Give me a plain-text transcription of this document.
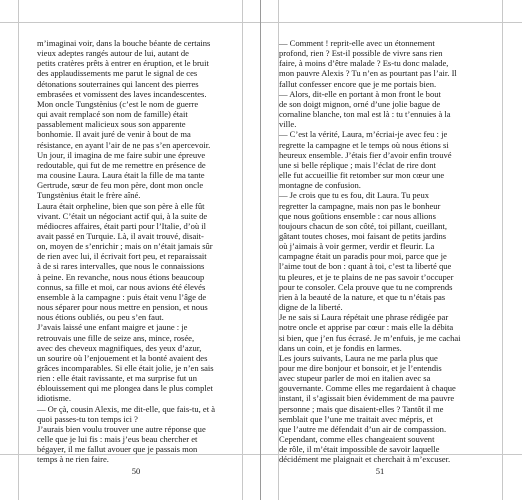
m’imaginai voir, dans la bouche béante de certains

vieux adeptes rangés autour de lui, autant de

petits cratères prêts à entrer en éruption, et le bruit

des applaudissements me parut le signal de ces

détonations souterraines qui lancent des pierres

embrasées et vomissent des laves incandescentes.

Mon oncle Tungstènius (c’est le nom de guerre

qui avait remplacé son nom de famille) était

passablement malicieux sous son apparente

bonhomie. Il avait juré de venir à bout de ma

résistance, en ayant l’air de ne pas s’en apercevoir.

Un jour, il imagina de me faire subir une épreuve

redoutable, qui fut de me remettre en présence de

ma cousine Laura. Laura était la fille de ma tante

Gertrude, sœur de feu mon père, dont mon oncle

Tungstènius était le frère aîné.

Laura était orpheline, bien que son père à elle fût

vivant. C’était un négociant actif qui, à la suite de

médiocres affaires, était parti pour l’Italie, d’où il

avait passé en Turquie. Là, il avait trouvé, disait-

on, moyen de s’enrichir ; mais on n’était jamais sûr

de rien avec lui, il écrivait fort peu, et reparaissait

à de si rares intervalles, que nous le connaissions

à peine. En revanche, nous nous étions beaucoup

connus, sa fille et moi, car nous avions été élevés

ensemble à la campagne : puis était venu l’âge de

nous séparer pour nous mettre en pension, et nous

nous étions oubliés, ou peu s’en faut.

J’avais laissé une enfant maigre et jaune : je

retrouvais une fille de seize ans, mince, rosée,

avec des cheveux magnifiques, des yeux d’azur,

un sourire où l’enjouement et la bonté avaient des

grâces incomparables. Si elle était jolie, je n’en sais

rien : elle était ravissante, et ma surprise fut un

éblouissement qui me plongea dans le plus complet

idiotisme.

— Or çà, cousin Alexis, me dit-elle, que fais-tu, et à

quoi passes-tu ton temps ici ?

J’aurais bien voulu trouver une autre réponse que

celle que je lui fis : mais j’eus beau chercher et

bégayer, il me fallut avouer que je passais mon

temps à ne rien faire.

— Comment ! reprit-elle avec un étonnement

profond, rien ? Est-il possible de vivre sans rien

faire, à moins d’être malade ? Es-tu donc malade,

mon pauvre Alexis ? Tu n’en as pourtant pas l’air. Il

fallut confesser encore que je me portais bien.

— Alors, dit-elle en portant à mon front le bout

de son doigt mignon, orné d’une jolie bague de

cornaline blanche, ton mal est là : tu t’ennuies à la

ville.

— C’est la vérité, Laura, m’écriai-je avec feu : je

regrette la campagne et le temps où nous étions si

heureux ensemble. J’étais fier d’avoir enfin trouvé

une si belle réplique ; mais l’éclat de rire dont

elle fut accueillie fit retomber sur mon cœur une

montagne de confusion.

— Je crois que tu es fou, dit Laura. Tu peux

regretter la campagne, mais non pas le bonheur

que nous goûtions ensemble : car nous allions

toujours chacun de son côté, toi pillant, cueillant,

gâtant toutes choses, moi faisant de petits jardins

où j’aimais à voir germer, verdir et fleurir. La

campagne était un paradis pour moi, parce que je

l’aime tout de bon : quant à toi, c’est ta liberté que

tu pleures, et je te plains de ne pas savoir t’occuper

pour te consoler. Cela prouve que tu ne comprends

rien à la beauté de la nature, et que tu n’étais pas

digne de la liberté.

Je ne sais si Laura répétait une phrase rédigée par

notre oncle et apprise par cœur : mais elle la débita

si bien, que j’en fus écrasé. Je m’enfuis, je me cachai

dans un coin, et je fondis en larmes.

Les jours suivants, Laura ne me parla plus que

pour me dire bonjour et bonsoir, et je l’entendis

avec stupeur parler de moi en italien avec sa

gouvernante. Comme elles me regardaient à chaque

instant, il s’agissait bien évidemment de ma pauvre

personne ; mais que disaient-elles ? Tantôt il me

semblait que l’une me traitait avec mépris, et

que l’autre me défendait d’un air de compassion.

Cependant, comme elles changeaient souvent

de rôle, il m’était impossible de savoir laquelle

décidément me plaignait et cherchait à m’excuser.

50	51
